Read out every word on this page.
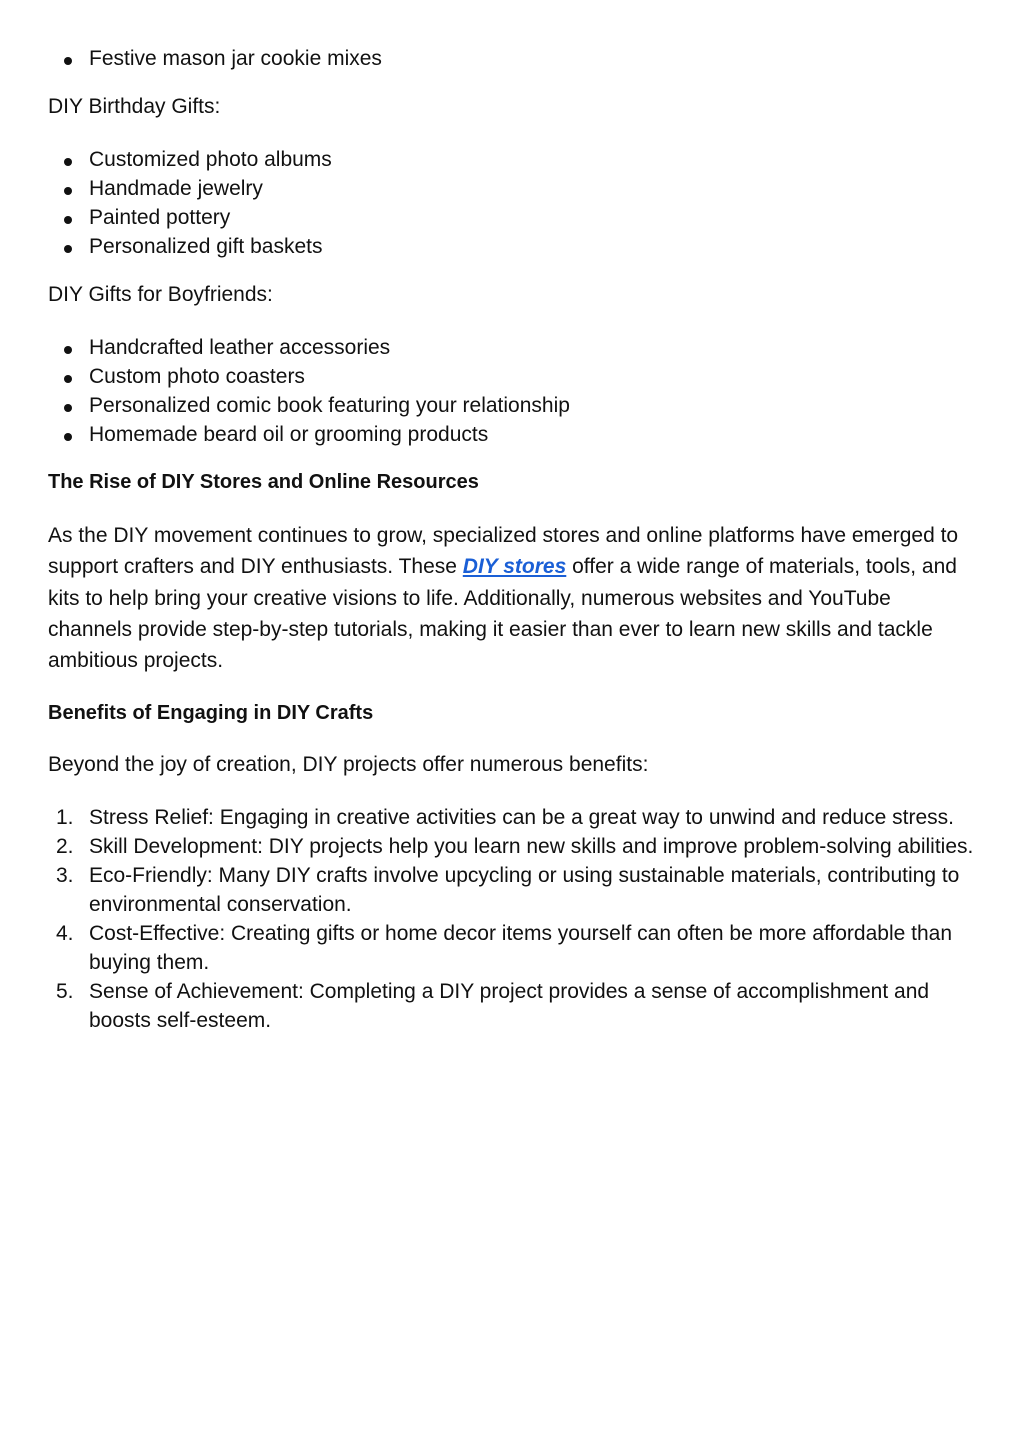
Festive mason jar cookie mixes

DIY Birthday Gifts:

Customized photo albums
Handmade jewelry
Painted pottery
Personalized gift baskets

DIY Gifts for Boyfriends:

Handcrafted leather accessories
Custom photo coasters
Personalized comic book featuring your relationship
Homemade beard oil or grooming products
The Rise of DIY Stores and Online Resources

As the DIY movement continues to grow, specialized stores and online platforms have emerged to support crafters and DIY enthusiasts. These DIY stores offer a wide range of materials, tools, and kits to help bring your creative visions to life. Additionally, numerous websites and YouTube channels provide step-by-step tutorials, making it easier than ever to learn new skills and tackle ambitious projects.

Benefits of Engaging in DIY Crafts

Beyond the joy of creation, DIY projects offer numerous benefits:

1. Stress Relief: Engaging in creative activities can be a great way to unwind and reduce stress.
2. Skill Development: DIY projects help you learn new skills and improve problem-solving abilities.
3. Eco-Friendly: Many DIY crafts involve upcycling or using sustainable materials, contributing to environmental conservation.
4. Cost-Effective: Creating gifts or home decor items yourself can often be more affordable than buying them.
5. Sense of Achievement: Completing a DIY project provides a sense of accomplishment and boosts self-esteem.
